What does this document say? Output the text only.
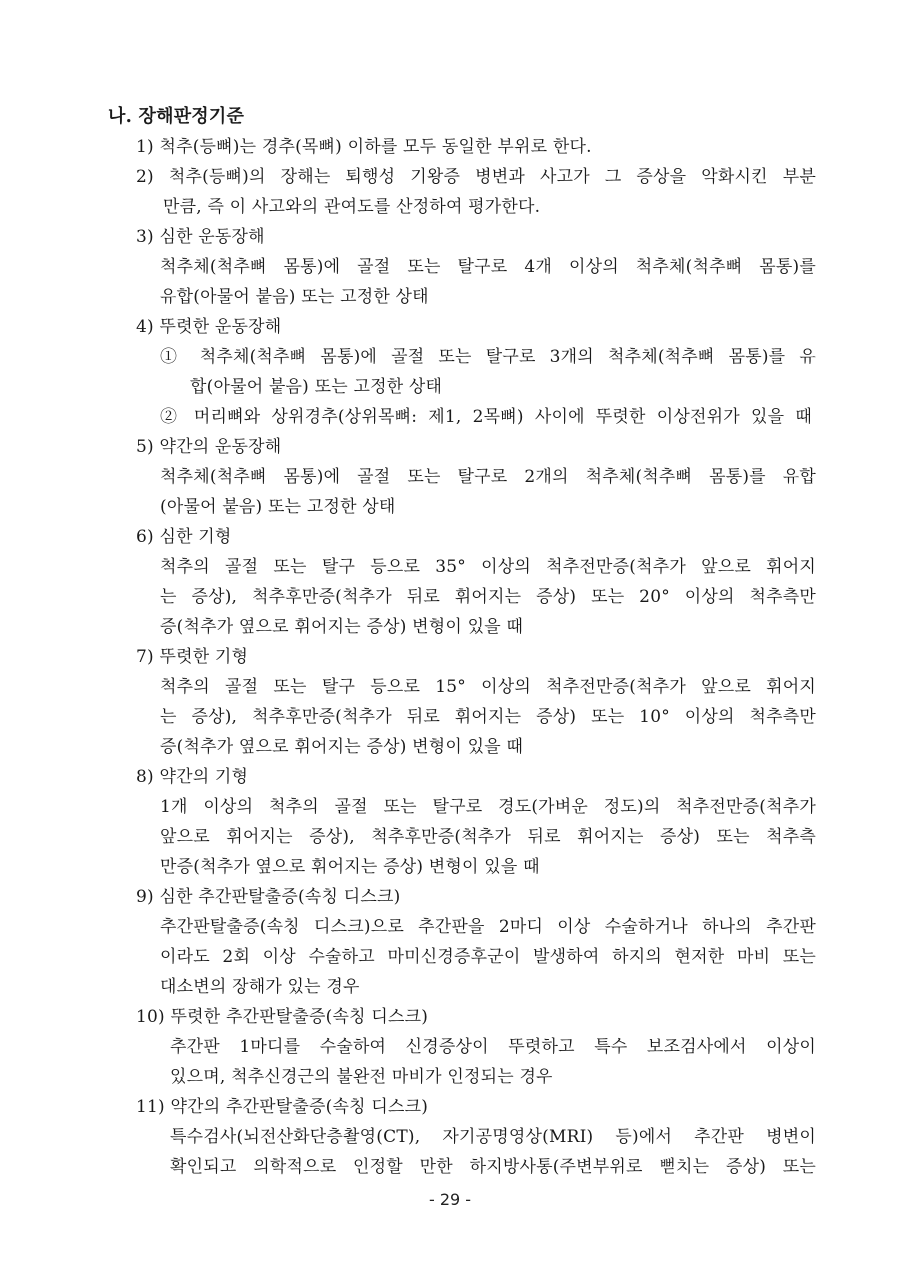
나. 장해판정기준
1) 척추(등뼈)는 경추(목뼈) 이하를 모두 동일한 부위로 한다.
2) 척추(등뼈)의 장해는 퇴행성 기왕증 병변과 사고가 그 증상을 악화시킨 부분
만큼, 즉 이 사고와의 관여도를 산정하여 평가한다.
3) 심한 운동장해
척추체(척추뼈 몸통)에 골절 또는 탈구로 4개 이상의 척추체(척추뼈 몸통)를
유합(아물어 붙음) 또는 고정한 상태
4) 뚜렷한 운동장해
① 척추체(척추뼈 몸통)에 골절 또는 탈구로 3개의 척추체(척추뼈 몸통)를 유
합(아물어 붙음) 또는 고정한 상태
② 머리뼈와 상위경추(상위목뼈: 제1, 2목뼈) 사이에 뚜렷한 이상전위가 있을 때
5) 약간의 운동장해
척추체(척추뼈 몸통)에 골절 또는 탈구로 2개의 척추체(척추뼈 몸통)를 유합
(아물어 붙음) 또는 고정한 상태
6) 심한 기형
척추의 골절 또는 탈구 등으로 35° 이상의 척추전만증(척추가 앞으로 휘어지
는 증상), 척추후만증(척추가 뒤로 휘어지는 증상) 또는 20° 이상의 척추측만
증(척추가 옆으로 휘어지는 증상) 변형이 있을 때
7) 뚜렷한 기형
척추의 골절 또는 탈구 등으로 15° 이상의 척추전만증(척추가 앞으로 휘어지
는 증상), 척추후만증(척추가 뒤로 휘어지는 증상) 또는 10° 이상의 척추측만
증(척추가 옆으로 휘어지는 증상) 변형이 있을 때
8) 약간의 기형
1개 이상의 척추의 골절 또는 탈구로 경도(가벼운 정도)의 척추전만증(척추가
앞으로 휘어지는 증상), 척추후만증(척추가 뒤로 휘어지는 증상) 또는 척추측
만증(척추가 옆으로 휘어지는 증상) 변형이 있을 때
9) 심한 추간판탈출증(속칭 디스크)
추간판탈출증(속칭 디스크)으로 추간판을 2마디 이상 수술하거나 하나의 추간판
이라도 2회 이상 수술하고 마미신경증후군이 발생하여 하지의 현저한 마비 또는
대소변의 장해가 있는 경우
10) 뚜렷한 추간판탈출증(속칭 디스크)
추간판 1마디를 수술하여 신경증상이 뚜렷하고 특수 보조검사에서 이상이
있으며, 척추신경근의 불완전 마비가 인정되는 경우
11) 약간의 추간판탈출증(속칭 디스크)
특수검사(뇌전산화단층촬영(CT), 자기공명영상(MRI) 등)에서 추간판 병변이
확인되고 의학적으로 인정할 만한 하지방사통(주변부위로 뻗치는 증상) 또는
- 29 -
